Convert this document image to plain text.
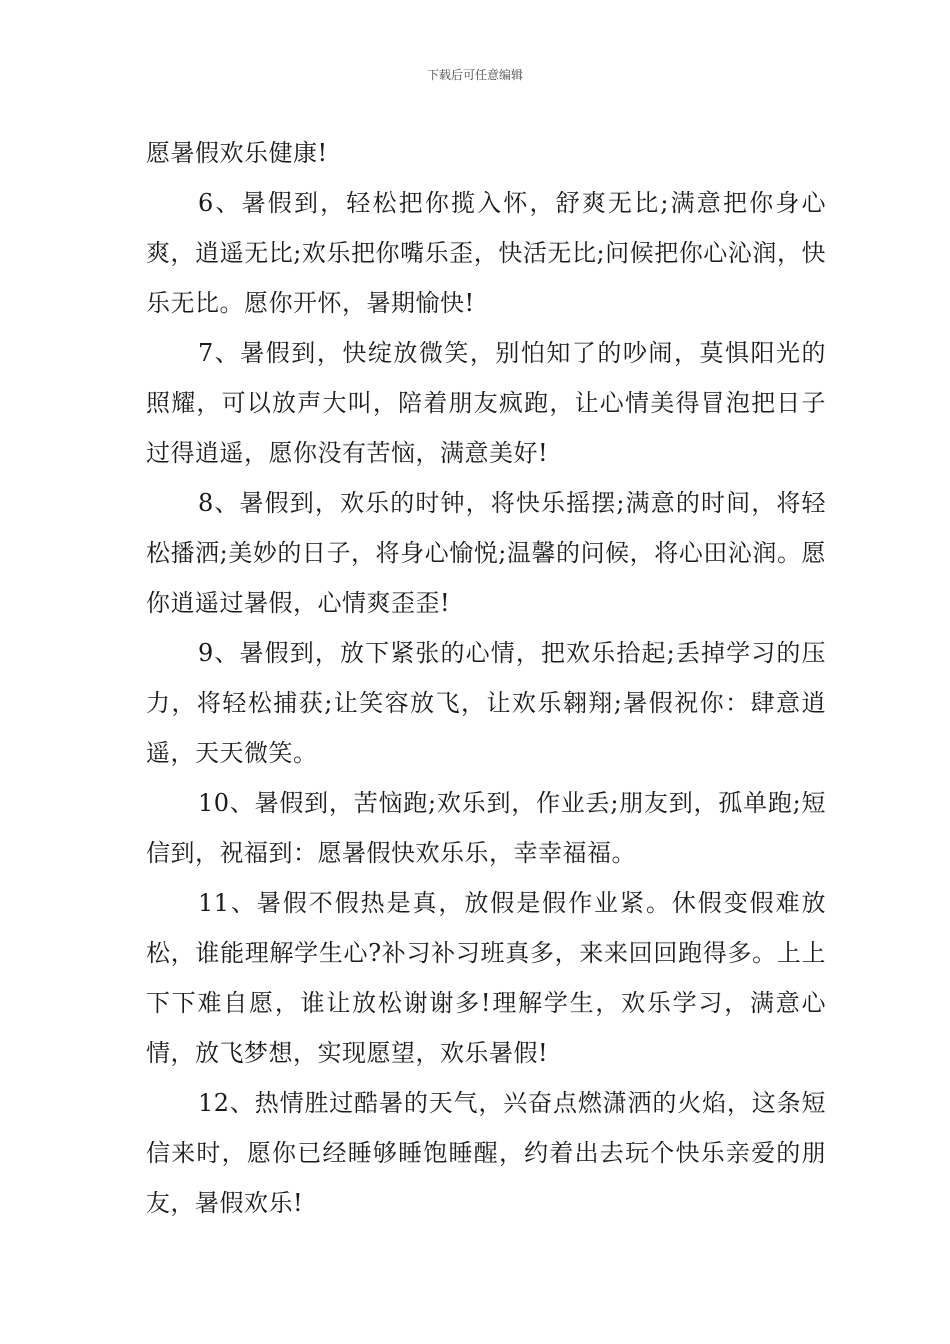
下载后可任意编辑

愿暑假欢乐健康!

6、暑假到，轻松把你揽入怀，舒爽无比;满意把你身心爽，逍遥无比;欢乐把你嘴乐歪，快活无比;问候把你心沁润，快乐无比。愿你开怀，暑期愉快!

7、暑假到，快绽放微笑，别怕知了的吵闹，莫惧阳光的照耀，可以放声大叫，陪着朋友疯跑，让心情美得冒泡把日子过得逍遥，愿你没有苦恼，满意美好!

8、暑假到，欢乐的时钟，将快乐摇摆;满意的时间，将轻松播洒;美妙的日子，将身心愉悦;温馨的问候，将心田沁润。愿你逍遥过暑假，心情爽歪歪!

9、暑假到，放下紧张的心情，把欢乐拾起;丢掉学习的压力，将轻松捕获;让笑容放飞，让欢乐翱翔;暑假祝你：肆意逍遥，天天微笑。

10、暑假到，苦恼跑;欢乐到，作业丢;朋友到，孤单跑;短信到，祝福到：愿暑假快欢乐乐，幸幸福福。

11、暑假不假热是真，放假是假作业紧。休假变假难放松，谁能理解学生心?补习补习班真多，来来回回跑得多。上上下下难自愿，谁让放松谢谢多!理解学生，欢乐学习，满意心情，放飞梦想，实现愿望，欢乐暑假!

12、热情胜过酷暑的天气，兴奋点燃潇洒的火焰，这条短信来时，愿你已经睡够睡饱睡醒，约着出去玩个快乐亲爱的朋友，暑假欢乐!
